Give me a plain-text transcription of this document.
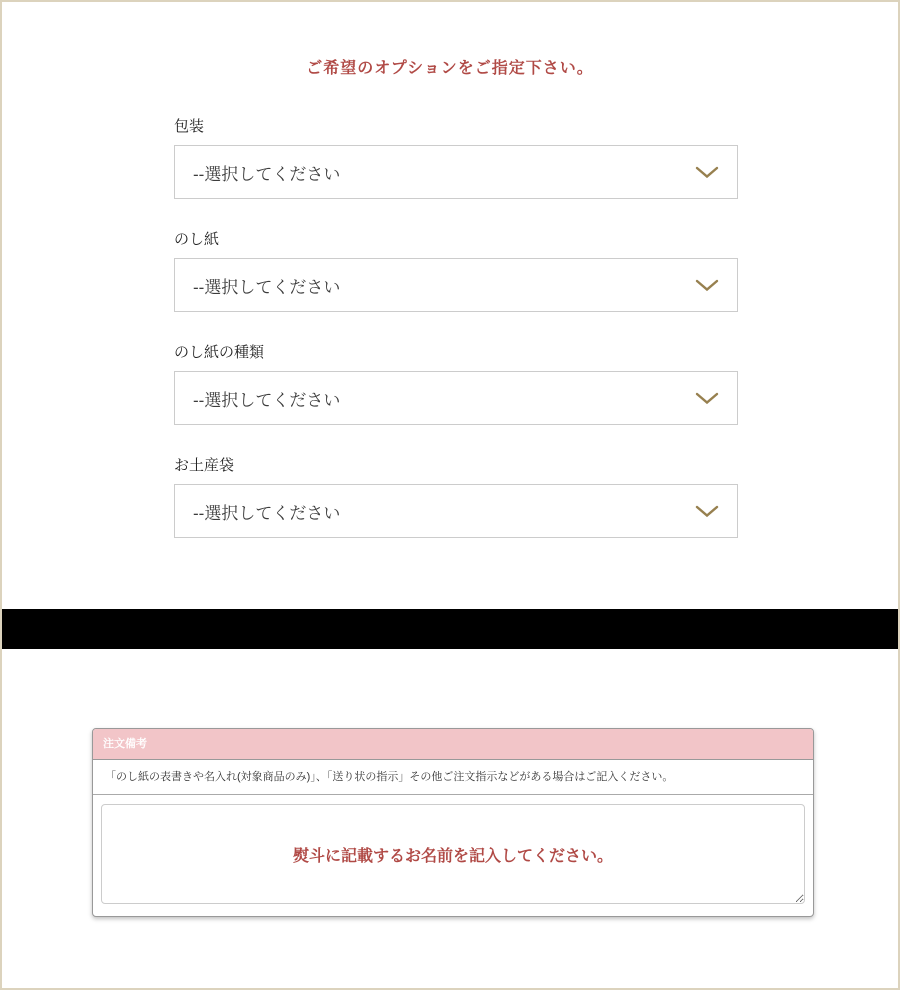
ご希望のオプションをご指定下さい。
包装
--選択してください
のし紙
--選択してください
のし紙の種類
--選択してください
お土産袋
--選択してください
注文備考
「のし紙の表書きや名入れ(対象商品のみ)」、「送り状の指示」その他ご注文指示などがある場合はご記入ください。
熨斗に記載するお名前を記入してください。
